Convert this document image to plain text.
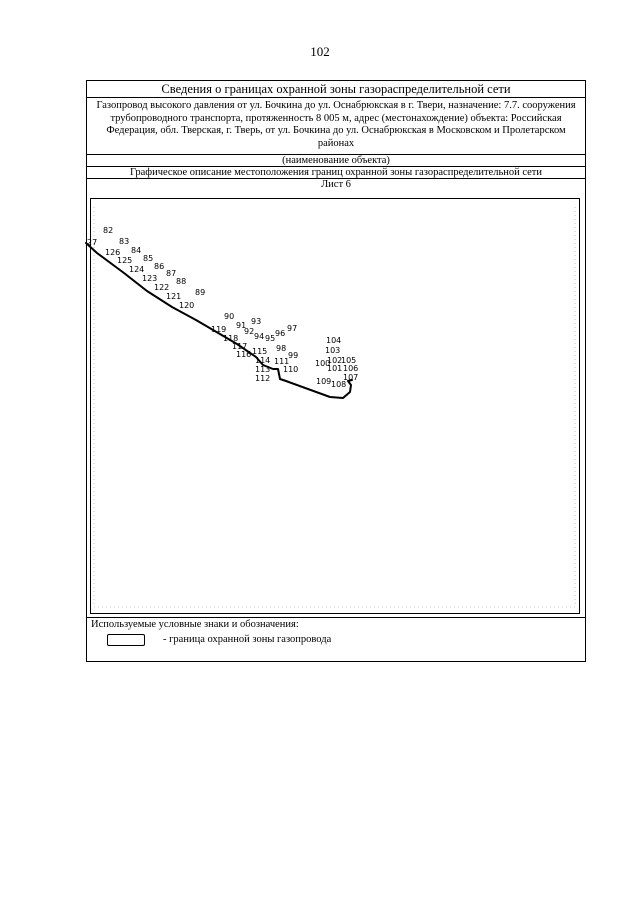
102
Сведения о границах охранной зоны газораспределительной сети
Газопровод высокого давления от ул. Бочкина до ул. Оснабрюкская в г. Твери, назначение: 7.7. сооружения трубопроводного транспорта, протяженность 8 005 м, адрес (местонахождение) объекта: Российская Федерация, обл. Тверская, г. Тверь, от ул. Бочкина до ул. Оснабрюкская в Московском и Пролетарском районах
(наименование объекта)
Графическое описание местоположения границ охранной зоны газораспределительной сети
Лист 6
82
27	83
126 84
125 85
124 86
87
123 88
122
89
121
120
90
93
91	97
119 92	96
94 95
118	104
117	98
115	103
116	99
114 111	102
105
100
113 110	101 106
112	107
109 108
Используемые условные знаки и обозначения:
- граница охранной зоны газопровода
